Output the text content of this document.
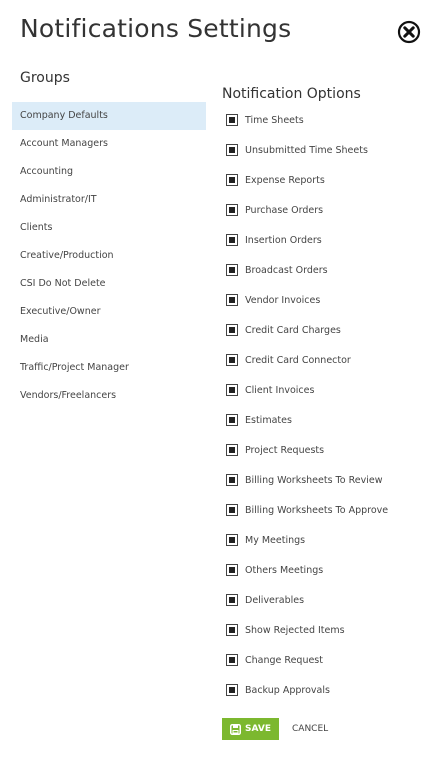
Notifications Settings
Groups
Company Defaults
Account Managers
Accounting
Administrator/IT
Clients
Creative/Production
CSI Do Not Delete
Executive/Owner
Media
Traffic/Project Manager
Vendors/Freelancers
Notification Options
Time Sheets
Unsubmitted Time Sheets
Expense Reports
Purchase Orders
Insertion Orders
Broadcast Orders
Vendor Invoices
Credit Card Charges
Credit Card Connector
Client Invoices
Estimates
Project Requests
Billing Worksheets To Review
Billing Worksheets To Approve
My Meetings
Others Meetings
Deliverables
Show Rejected Items
Change Request
Backup Approvals
SAVE CANCEL
